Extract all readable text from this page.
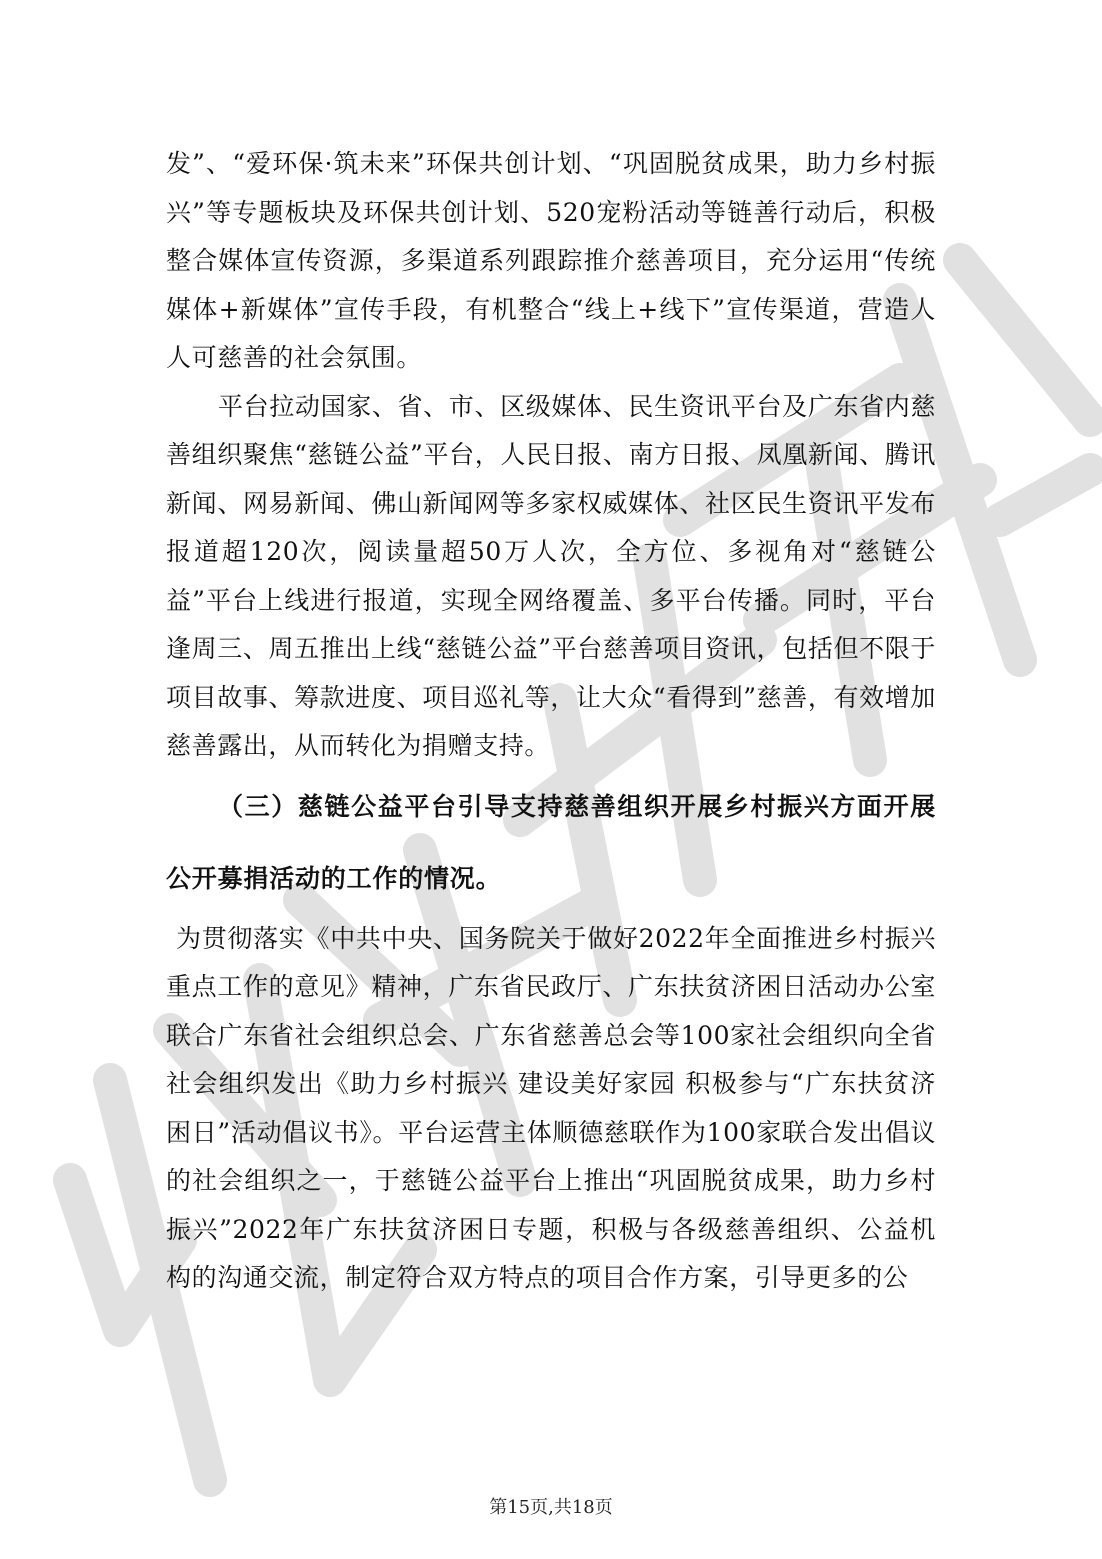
发”、“爱环保·筑未来”环保共创计划、“巩固脱贫成果，助力乡村振兴”等专题板块及环保共创计划、520宠粉活动等链善行动后，积极整合媒体宣传资源，多渠道系列跟踪推介慈善项目，充分运用“传统媒体+新媒体”宣传手段，有机整合“线上+线下”宣传渠道，营造人人可慈善的社会氛围。

平台拉动国家、省、市、区级媒体、民生资讯平台及广东省内慈善组织聚焦“慈链公益”平台，人民日报、南方日报、凤凰新闻、腾讯新闻、网易新闻、佛山新闻网等多家权威媒体、社区民生资讯平发布报道超120次，阅读量超50万人次，全方位、多视角对“慈链公益”平台上线进行报道，实现全网络覆盖、多平台传播。同时，平台逢周三、周五推出上线“慈链公益”平台慈善项目资讯，包括但不限于项目故事、筹款进度、项目巡礼等，让大众“看得到”慈善，有效增加慈善露出，从而转化为捐赠支持。

（三）慈链公益平台引导支持慈善组织开展乡村振兴方面开展公开募捐活动的工作的情况。

为贯彻落实《中共中央、国务院关于做好2022年全面推进乡村振兴重点工作的意见》精神，广东省民政厅、广东扶贫济困日活动办公室联合广东省社会组织总会、广东省慈善总会等100家社会组织向全省社会组织发出《助力乡村振兴 建设美好家园 积极参与“广东扶贫济困日”活动倡议书》。平台运营主体顺德慈联作为100家联合发出倡议的社会组织之一，于慈链公益平台上推出“巩固脱贫成果，助力乡村振兴”2022年广东扶贫济困日专题，积极与各级慈善组织、公益机构的沟通交流，制定符合双方特点的项目合作方案，引导更多的公

第15页,共18页
